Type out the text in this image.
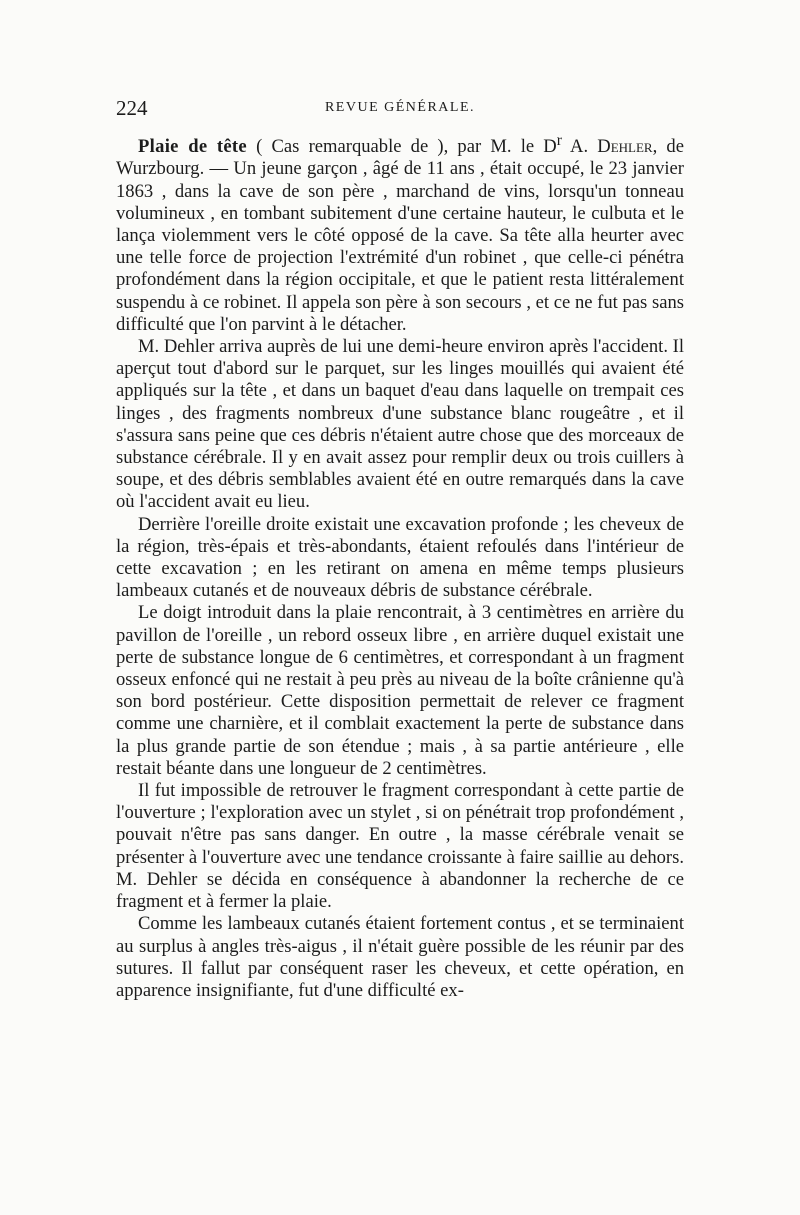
224	REVUE GÉNÉRALE.

Plaie de tête ( Cas remarquable de ), par M. le $D^r$ A. Dehler, de Wurzbourg. — Un jeune garçon , âgé de 11 ans , était occupé, le 23 janvier 1863 , dans la cave de son père , marchand de vins, lorsqu'un tonneau volumineux , en tombant subitement d'une certaine hauteur, le culbuta et le lança violemment vers le côté opposé de la cave. Sa tête alla heurter avec une telle force de projection l'extrémité d'un robinet , que celle-ci pénétra profondément dans la région occipitale, et que le patient resta littéralement suspendu à ce robinet. Il appela son père à son secours , et ce ne fut pas sans difficulté que l'on parvint à le détacher.

M. Dehler arriva auprès de lui une demi-heure environ après l'accident. Il aperçut tout d'abord sur le parquet, sur les linges mouillés qui avaient été appliqués sur la tête , et dans un baquet d'eau dans laquelle on trempait ces linges , des fragments nombreux d'une substance blanc rougeâtre , et il s'assura sans peine que ces débris n'étaient autre chose que des morceaux de substance cérébrale. Il y en avait assez pour remplir deux ou trois cuillers à soupe, et des débris semblables avaient été en outre remarqués dans la cave où l'accident avait eu lieu.

Derrière l'oreille droite existait une excavation profonde ; les cheveux de la région, très-épais et très-abondants, étaient refoulés dans l'intérieur de cette excavation ; en les retirant on amena en même temps plusieurs lambeaux cutanés et de nouveaux débris de substance cérébrale.

Le doigt introduit dans la plaie rencontrait, à 3 centimètres en arrière du pavillon de l'oreille , un rebord osseux libre , en arrière duquel existait une perte de substance longue de 6 centimètres, et correspondant à un fragment osseux enfoncé qui ne restait à peu près au niveau de la boîte crânienne qu'à son bord postérieur. Cette disposition permettait de relever ce fragment comme une charnière, et il comblait exactement la perte de substance dans la plus grande partie de son étendue ; mais , à sa partie antérieure , elle restait béante dans une longueur de 2 centimètres.

Il fut impossible de retrouver le fragment correspondant à cette partie de l'ouverture ; l'exploration avec un stylet , si on pénétrait trop profondément , pouvait n'être pas sans danger. En outre , la masse cérébrale venait se présenter à l'ouverture avec une tendance croissante à faire saillie au dehors. M. Dehler se décida en conséquence à abandonner la recherche de ce fragment et à fermer la plaie.

Comme les lambeaux cutanés étaient fortement contus , et se terminaient au surplus à angles très-aigus , il n'était guère possible de les réunir par des sutures. Il fallut par conséquent raser les cheveux, et cette opération, en apparence insignifiante, fut d'une difficulté ex-
